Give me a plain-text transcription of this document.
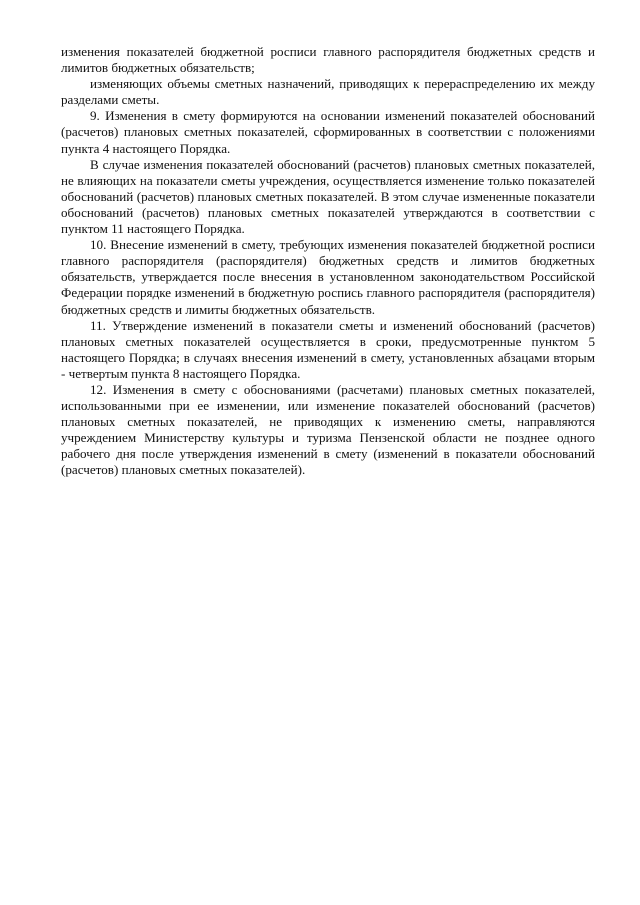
изменения показателей бюджетной росписи главного распорядителя бюджетных средств и лимитов бюджетных обязательств;

изменяющих объемы сметных назначений, приводящих к перераспределению их между разделами сметы.

9. Изменения в смету формируются на основании изменений показателей обоснований (расчетов) плановых сметных показателей, сформированных в соответствии с положениями пункта 4 настоящего Порядка.

В случае изменения показателей обоснований (расчетов) плановых сметных показателей, не влияющих на показатели сметы учреждения, осуществляется изменение только показателей обоснований (расчетов) плановых сметных показателей. В этом случае измененные показатели обоснований (расчетов) плановых сметных показателей утверждаются в соответствии с пунктом 11 настоящего Порядка.

10. Внесение изменений в смету, требующих изменения показателей бюджетной росписи главного распорядителя (распорядителя) бюджетных средств и лимитов бюджетных обязательств, утверждается после внесения в установленном законодательством Российской Федерации порядке изменений в бюджетную роспись главного распорядителя (распорядителя) бюджетных средств и лимиты бюджетных обязательств.

11. Утверждение изменений в показатели сметы и изменений обоснований (расчетов) плановых сметных показателей осуществляется в сроки, предусмотренные пунктом 5 настоящего Порядка; в случаях внесения изменений в смету, установленных абзацами вторым - четвертым пункта 8 настоящего Порядка.

12. Изменения в смету с обоснованиями (расчетами) плановых сметных показателей, использованными при ее изменении, или изменение показателей обоснований (расчетов) плановых сметных показателей, не приводящих к изменению сметы, направляются учреждением Министерству культуры и туризма Пензенской области не позднее одного рабочего дня после утверждения изменений в смету (изменений в показатели обоснований (расчетов) плановых сметных показателей).
